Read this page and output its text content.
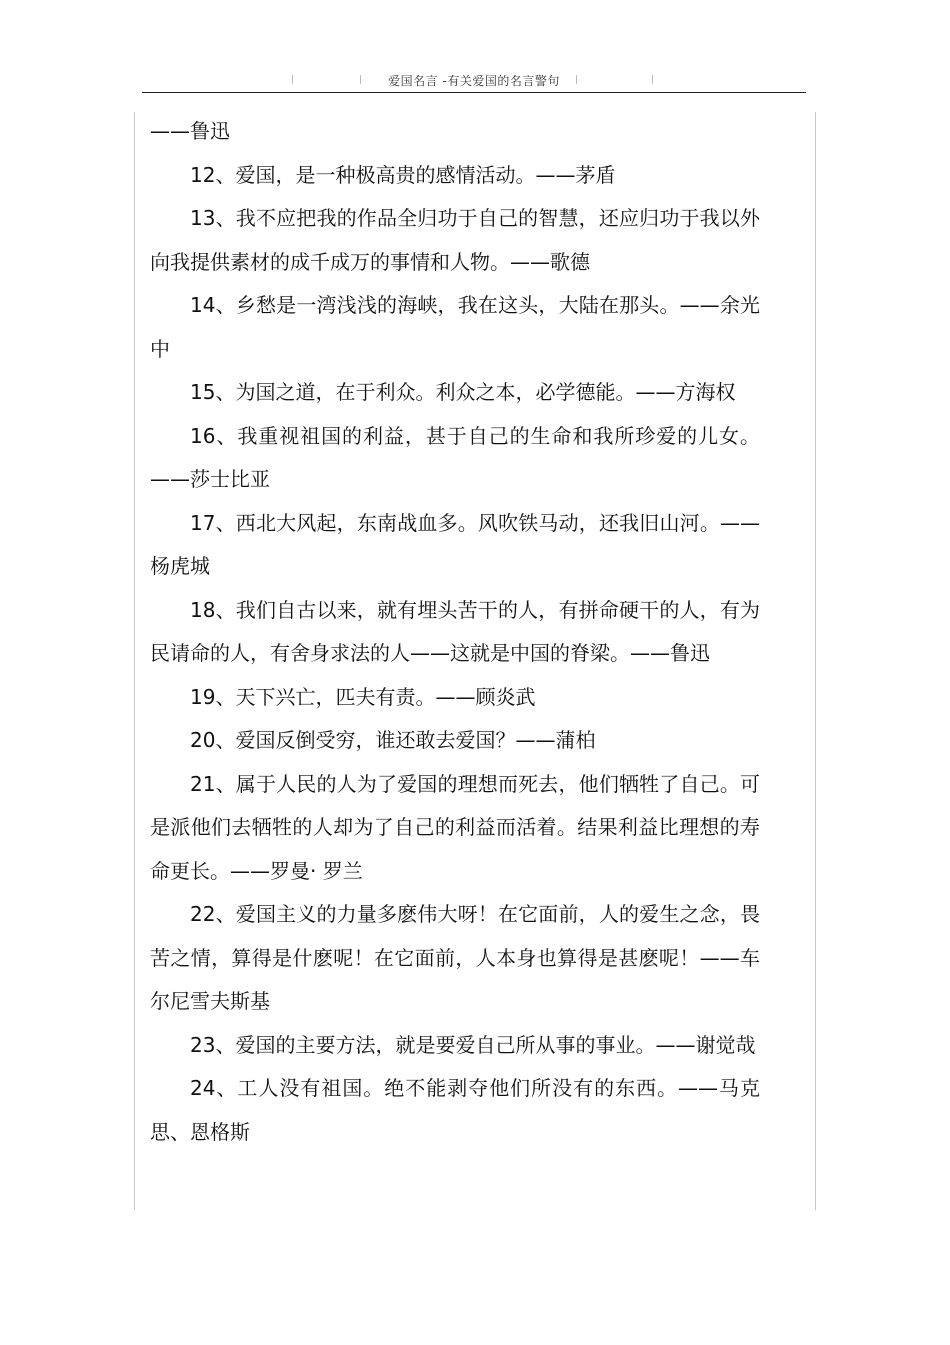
爱国名言 -有关爱国的名言警句

——鲁迅

12、爱国，是一种极高贵的感情活动。——茅盾

13、我不应把我的作品全归功于自己的智慧，还应归功于我以外向我提供素材的成千成万的事情和人物。——歌德

14、乡愁是一湾浅浅的海峡，我在这头，大陆在那头。——余光中

15、为国之道，在于利众。利众之本，必学德能。——方海权

16、我重视祖国的利益，甚于自己的生命和我所珍爱的儿女。——莎士比亚

17、西北大风起，东南战血多。风吹铁马动，还我旧山河。——杨虎城

18、我们自古以来，就有埋头苦干的人，有拼命硬干的人，有为民请命的人，有舍身求法的人——这就是中国的脊梁。——鲁迅

19、天下兴亡，匹夫有责。——顾炎武

20、爱国反倒受穷，谁还敢去爱国？——蒲柏

21、属于人民的人为了爱国的理想而死去，他们牺牲了自己。可是派他们去牺牲的人却为了自己的利益而活着。结果利益比理想的寿命更长。——罗曼· 罗兰

22、爱国主义的力量多麽伟大呀！在它面前，人的爱生之念，畏苦之情，算得是什麽呢！在它面前，人本身也算得是甚麽呢！——车尔尼雪夫斯基

23、爱国的主要方法，就是要爱自己所从事的事业。——谢觉哉

24、工人没有祖国。绝不能剥夺他们所没有的东西。——马克思、恩格斯
